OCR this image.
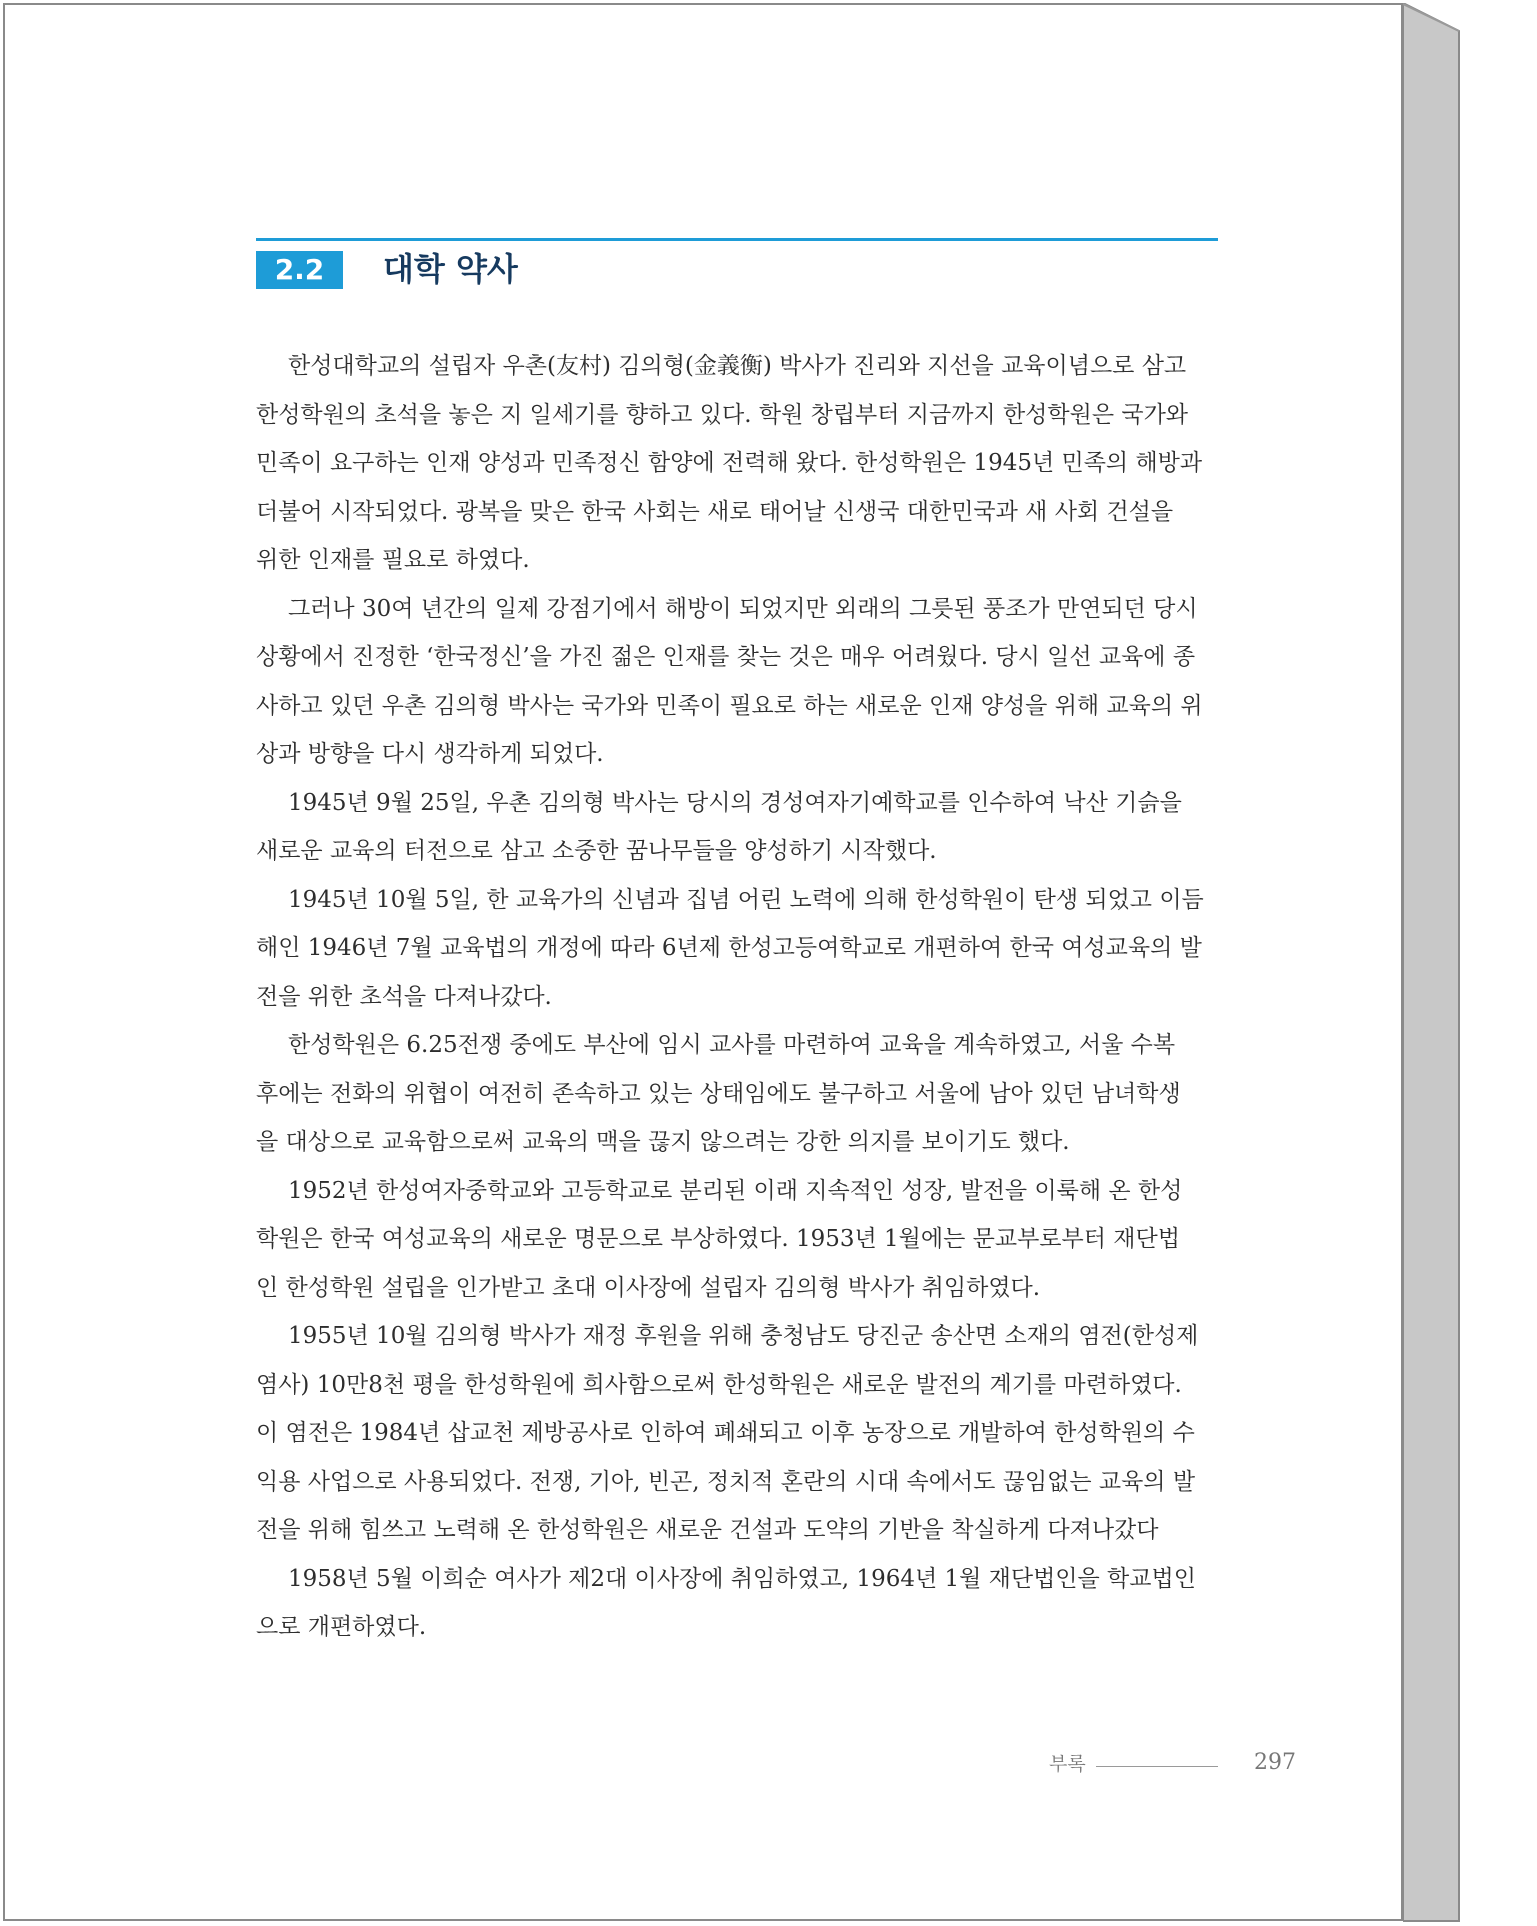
2.2	대학 약사

한성대학교의 설립자 우촌(友村) 김의형(金義衡) 박사가 진리와 지선을 교육이념으로 삼고
한성학원의 초석을 놓은 지 일세기를 향하고 있다. 학원 창립부터 지금까지 한성학원은 국가와
민족이 요구하는 인재 양성과 민족정신 함양에 전력해 왔다. 한성학원은 1945년 민족의 해방과
더불어 시작되었다. 광복을 맞은 한국 사회는 새로 태어날 신생국 대한민국과 새 사회 건설을
위한 인재를 필요로 하였다.

그러나 30여 년간의 일제 강점기에서 해방이 되었지만 외래의 그릇된 풍조가 만연되던 당시
상황에서 진정한 ‘한국정신’을 가진 젊은 인재를 찾는 것은 매우 어려웠다. 당시 일선 교육에 종
사하고 있던 우촌 김의형 박사는 국가와 민족이 필요로 하는 새로운 인재 양성을 위해 교육의 위
상과 방향을 다시 생각하게 되었다.

1945년 9월 25일, 우촌 김의형 박사는 당시의 경성여자기예학교를 인수하여 낙산 기슭을
새로운 교육의 터전으로 삼고 소중한 꿈나무들을 양성하기 시작했다.

1945년 10월 5일, 한 교육가의 신념과 집념 어린 노력에 의해 한성학원이 탄생 되었고 이듬
해인 1946년 7월 교육법의 개정에 따라 6년제 한성고등여학교로 개편하여 한국 여성교육의 발
전을 위한 초석을 다져나갔다.

한성학원은 6.25전쟁 중에도 부산에 임시 교사를 마련하여 교육을 계속하였고, 서울 수복
후에는 전화의 위협이 여전히 존속하고 있는 상태임에도 불구하고 서울에 남아 있던 남녀학생
을 대상으로 교육함으로써 교육의 맥을 끊지 않으려는 강한 의지를 보이기도 했다.

1952년 한성여자중학교와 고등학교로 분리된 이래 지속적인 성장, 발전을 이룩해 온 한성
학원은 한국 여성교육의 새로운 명문으로 부상하였다. 1953년 1월에는 문교부로부터 재단법
인 한성학원 설립을 인가받고 초대 이사장에 설립자 김의형 박사가 취임하였다.

1955년 10월 김의형 박사가 재정 후원을 위해 충청남도 당진군 송산면 소재의 염전(한성제
염사) 10만8천 평을 한성학원에 희사함으로써 한성학원은 새로운 발전의 계기를 마련하였다.
이 염전은 1984년 삽교천 제방공사로 인하여 폐쇄되고 이후 농장으로 개발하여 한성학원의 수
익용 사업으로 사용되었다. 전쟁, 기아, 빈곤, 정치적 혼란의 시대 속에서도 끊임없는 교육의 발
전을 위해 힘쓰고 노력해 온 한성학원은 새로운 건설과 도약의 기반을 착실하게 다져나갔다

1958년 5월 이희순 여사가 제2대 이사장에 취임하였고, 1964년 1월 재단법인을 학교법인
으로 개편하였다.

부록	297
